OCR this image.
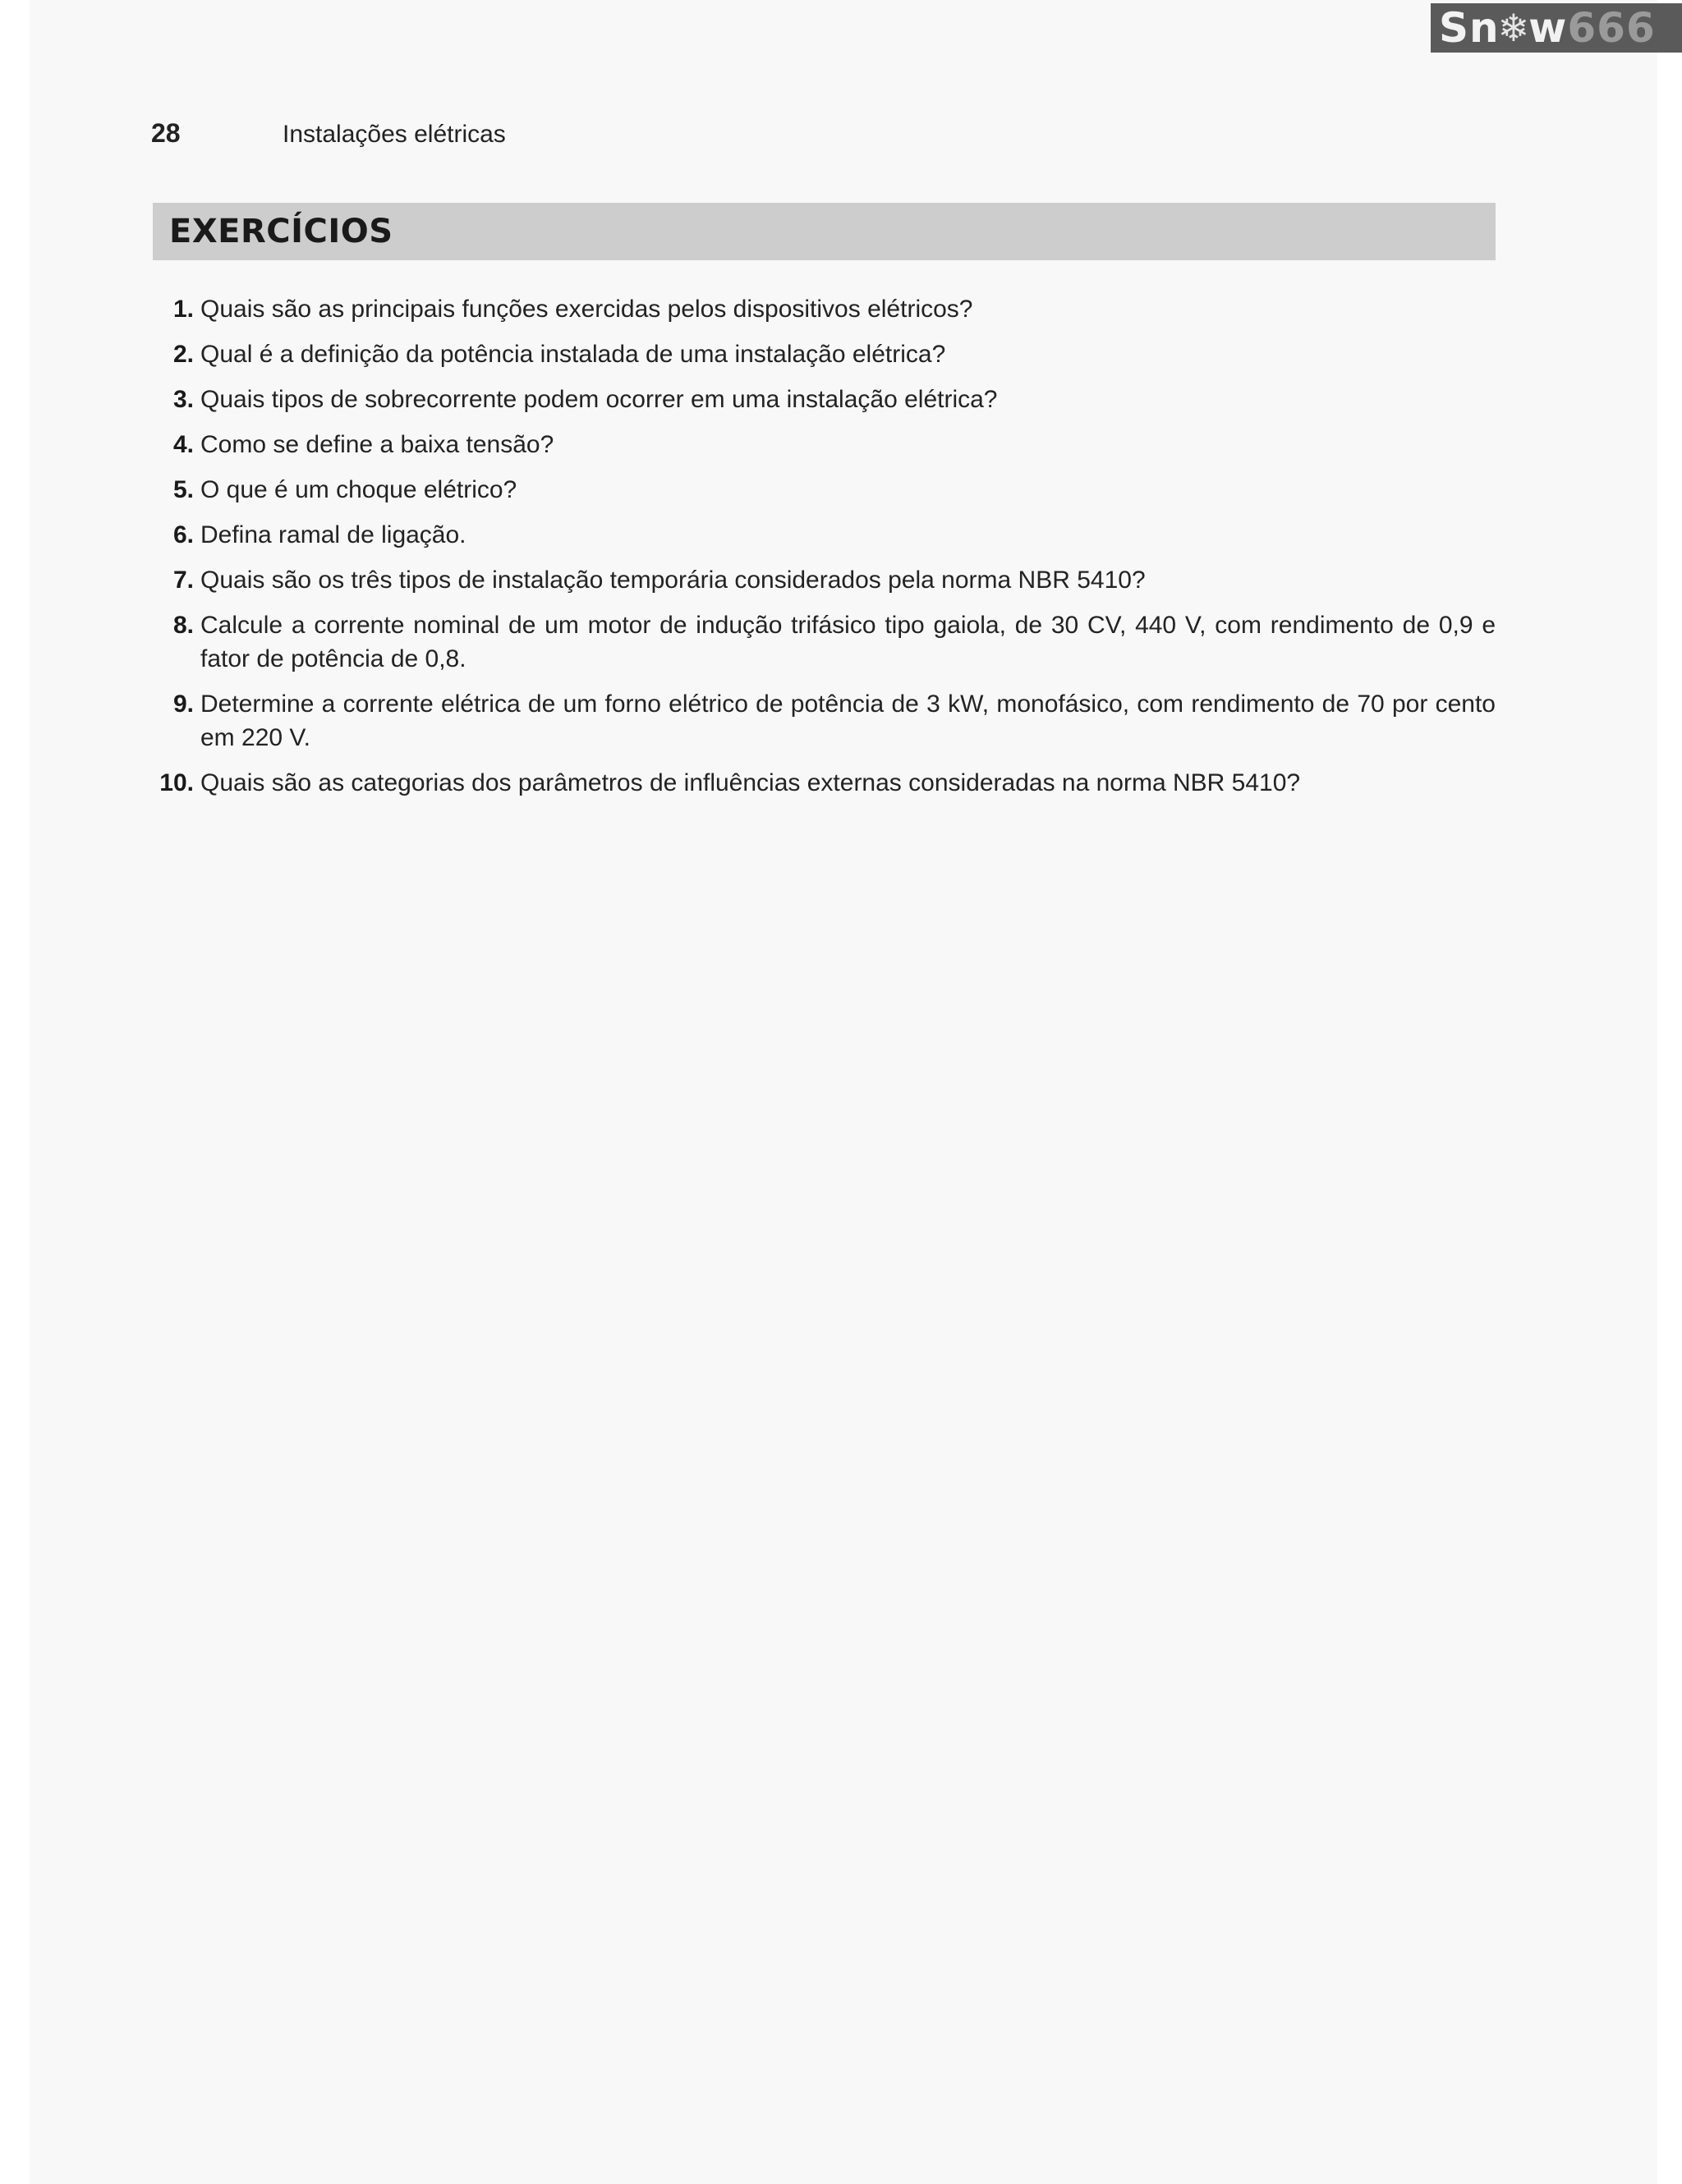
Sn
❄
w 666
28	Instalações elétricas
EXERCÍCIOS
1. Quais são as principais funções exercidas pelos dispositivos elétricos?
2. Qual é a definição da potência instalada de uma instalação elétrica?
3. Quais tipos de sobrecorrente podem ocorrer em uma instalação elétrica?
4. Como se define a baixa tensão?
5. O que é um choque elétrico?
6. Defina ramal de ligação.
7. Quais são os três tipos de instalação temporária considerados pela norma NBR 5410?
8. Calcule a corrente nominal de um motor de indução trifásico tipo gaiola, de 30 CV, 440 V, com rendimento de 0,9 e fator de potência de 0,8.
9. Determine a corrente elétrica de um forno elétrico de potência de 3 kW, monofásico, com rendimento de 70 por cento em 220 V.
10. Quais são as categorias dos parâmetros de influências externas consideradas na norma NBR 5410?
